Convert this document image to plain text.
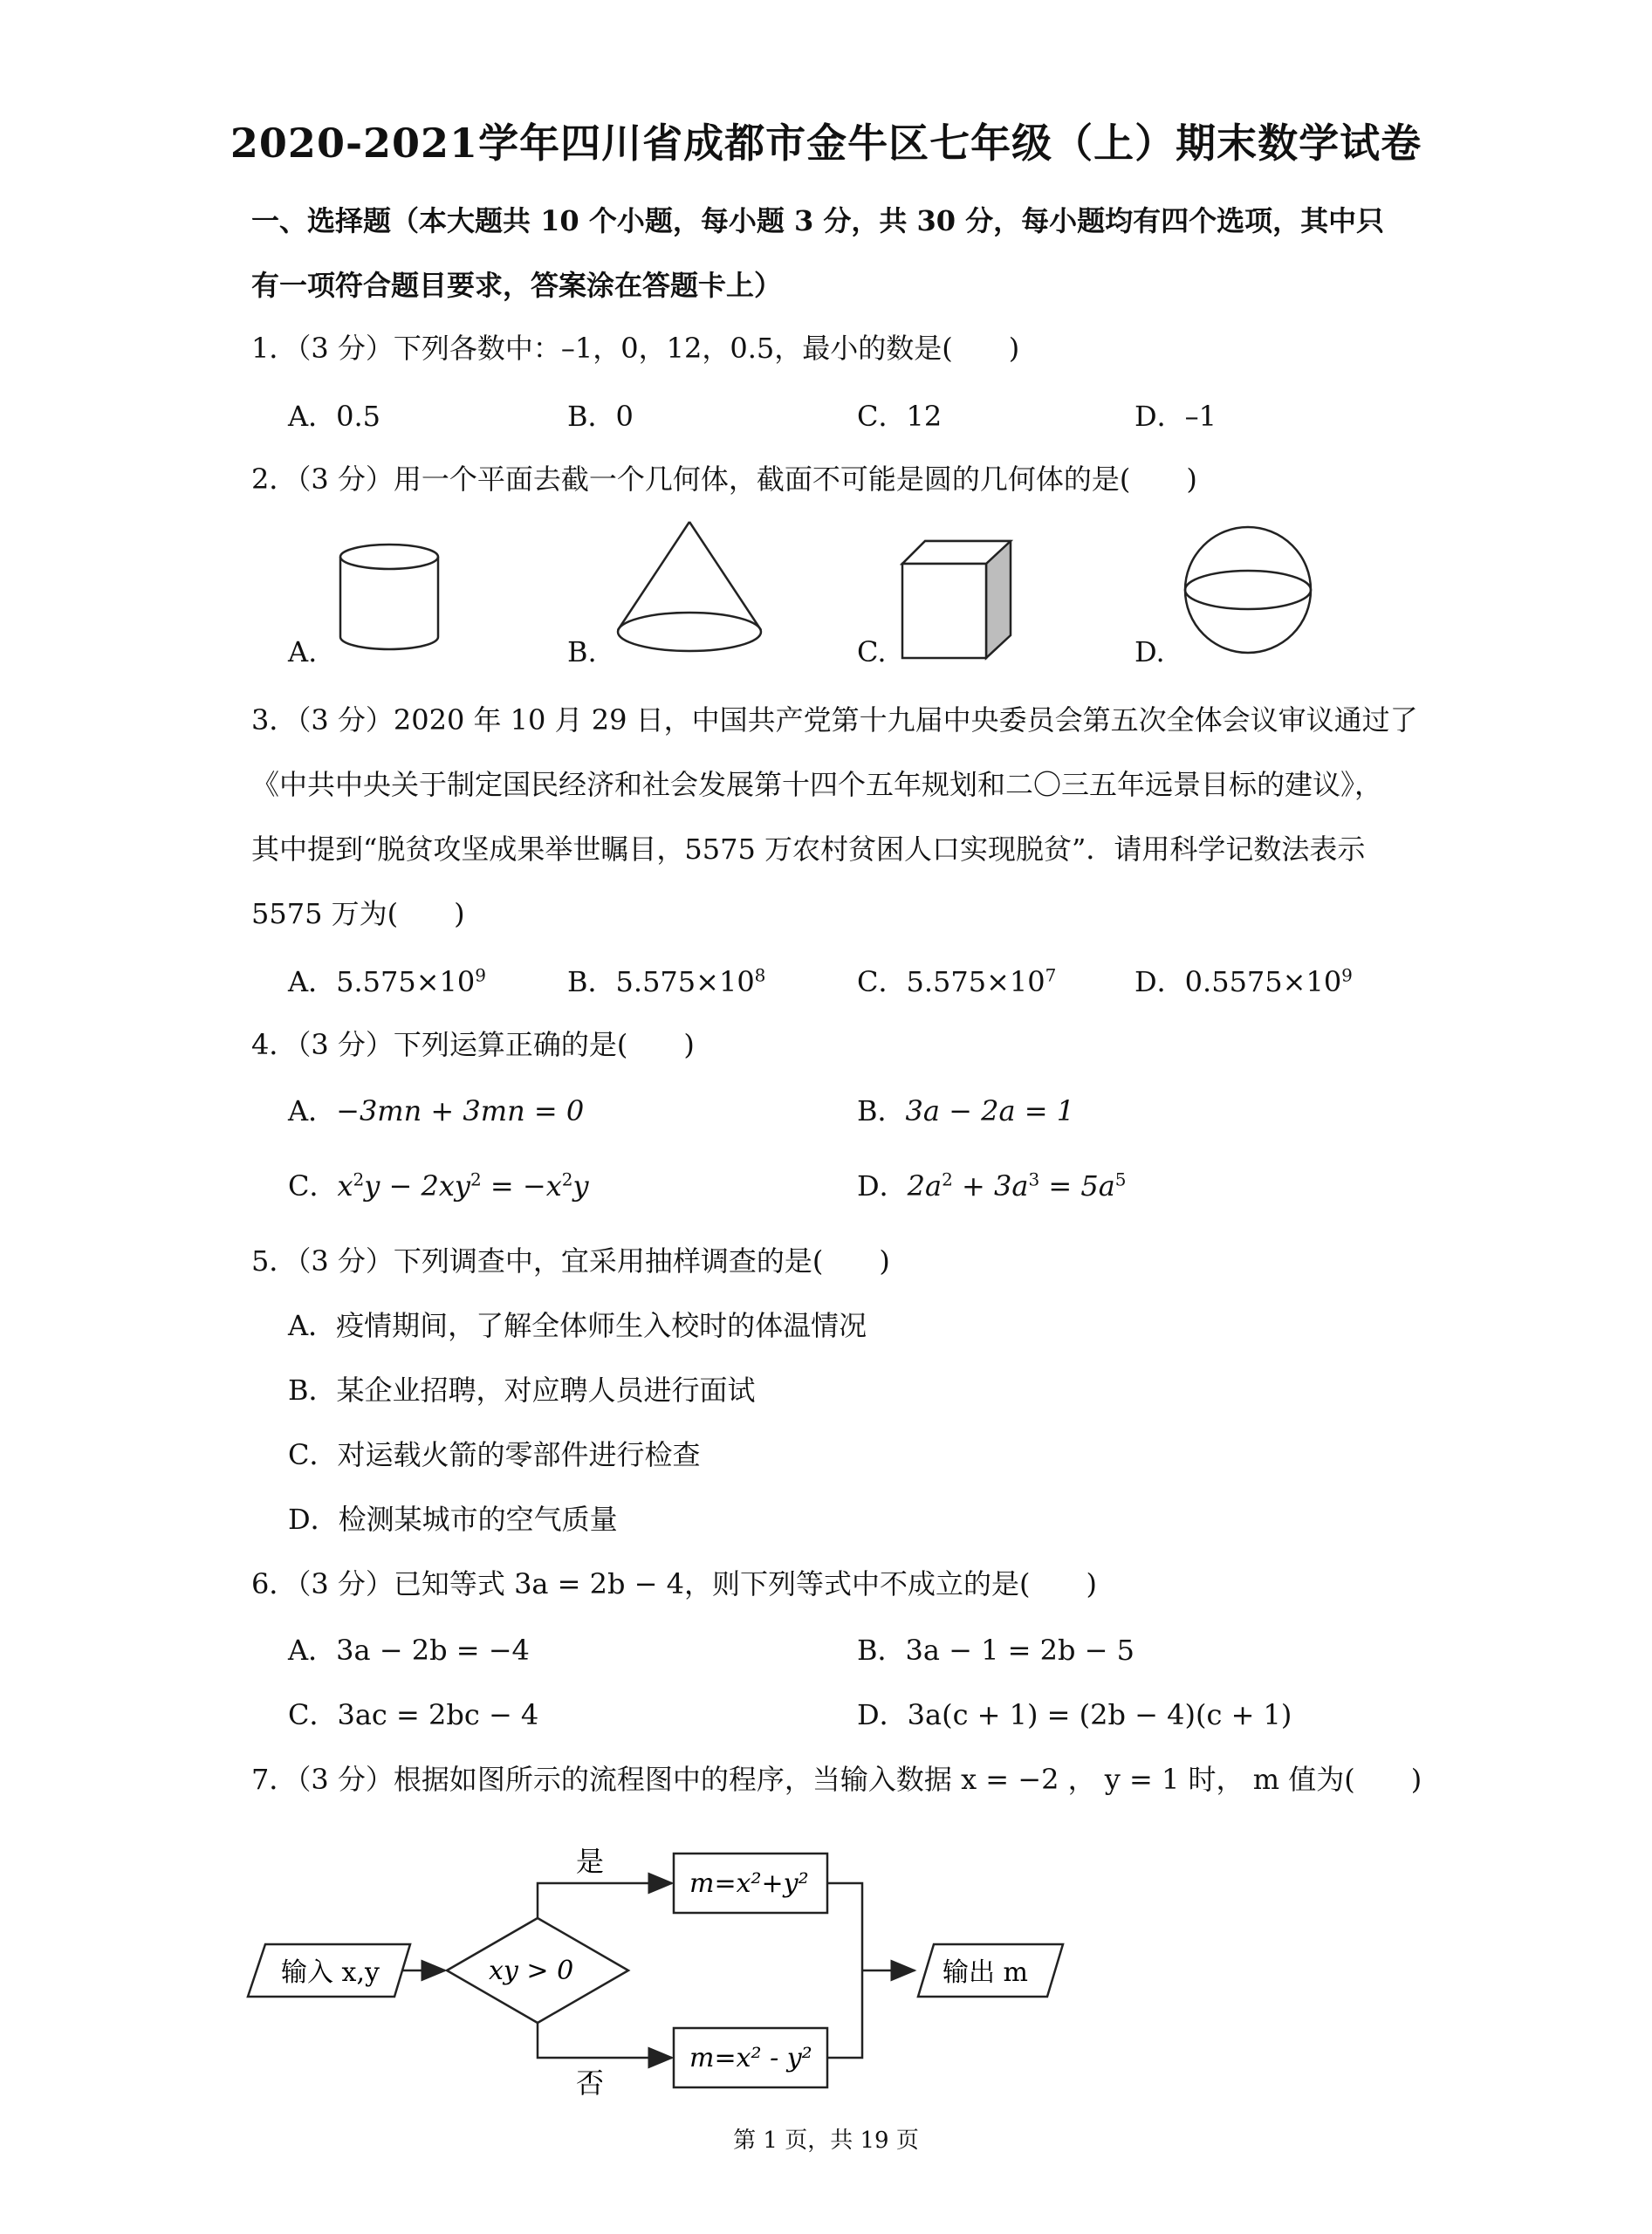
2020-2021学年四川省成都市金牛区七年级（上）期末数学试卷
一、选择题（本大题共 10 个小题，每小题 3 分，共 30 分，每小题均有四个选项，其中只
有一项符合题目要求，答案涂在答题卡上）
1．（3 分）下列各数中：–1，0，12，0.5，最小的数是(　　)
A．0.5	B．0	C．12	D．–1
2．（3 分）用一个平面去截一个几何体，截面不可能是圆的几何体的是(　　)
A.	B.	C.	D.
3．（3 分）2020 年 10 月 29 日，中国共产党第十九届中央委员会第五次全体会议审议通过了
《中共中央关于制定国民经济和社会发展第十四个五年规划和二〇三五年远景目标的建议》，
其中提到“脱贫攻坚成果举世瞩目，5575 万农村贫困人口实现脱贫”．请用科学记数法表示
5575 万为(　　)
A．$5.575\times 10^9$	B．$5.575\times 10^8$	C．$5.575\times 10^7$	D．$0.5575\times 10^9$
4．（3 分）下列运算正确的是(　　)
A．−3mn + 3mn = 0	B．3a − 2a = 1
C．$x^2y - 2xy^2 = -x^2y$	D．$2a^2 + 3a^3 = 5a^5$
5．（3 分）下列调查中，宜采用抽样调查的是(　　)
A．疫情期间，了解全体师生入校时的体温情况
B．某企业招聘，对应聘人员进行面试
C．对运载火箭的零部件进行检查
D．检测某城市的空气质量
6．（3 分）已知等式 3a = 2b − 4，则下列等式中不成立的是(　　)
A．3a − 2b = −4	B．3a − 1 = 2b − 5
C．3ac = 2bc − 4	D．3a(c + 1) = (2b − 4)(c + 1)
7．（3 分）根据如图所示的流程图中的程序，当输入数据 x = −2 ， y = 1 时， m 值为(　　)
输入 x,y	xy > 0
是
m=x²+y²
否
m=x² - y²
输出 m
第 1 页，共 19 页
